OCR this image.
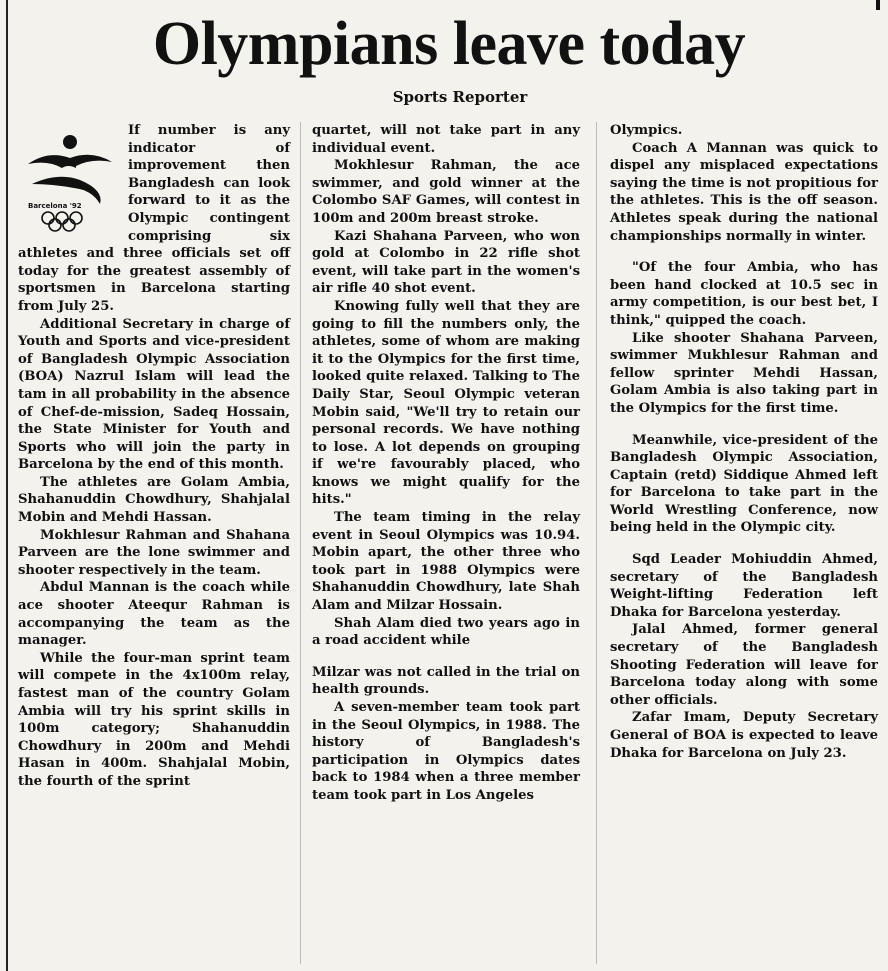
Olympians leave today
Sports Reporter
Barcelona '92

If number is any indicator of improvement then Bangladesh can look forward to it as the Olympic contingent comprising six athletes and three officials set off today for the greatest assembly of sportsmen in Barcelona starting from July 25.

Additional Secretary in charge of Youth and Sports and vice-president of Bangladesh Olympic Association (BOA) Nazrul Islam will lead the tam in all probability in the absence of Chef-de-mission, Sadeq Hossain, the State Minister for Youth and Sports who will join the party in Barcelona by the end of this month.

The athletes are Golam Ambia, Shahanuddin Chowdhury, Shahjalal Mobin and Mehdi Hassan.

Mokhlesur Rahman and Shahana Parveen are the lone swimmer and shooter respectively in the team.

Abdul Mannan is the coach while ace shooter Ateequr Rahman is accompanying the team as the manager.

While the four-man sprint team will compete in the 4x100m relay, fastest man of the country Golam Ambia will try his sprint skills in 100m category; Shahanuddin Chowdhury in 200m and Mehdi Hasan in 400m. Shahjalal Mobin, the fourth of the sprint

quartet, will not take part in any individual event.

Mokhlesur Rahman, the ace swimmer, and gold winner at the Colombo SAF Games, will contest in 100m and 200m breast stroke.

Kazi Shahana Parveen, who won gold at Colombo in 22 rifle shot event, will take part in the women's air rifle 40 shot event.

Knowing fully well that they are going to fill the numbers only, the athletes, some of whom are making it to the Olympics for the first time, looked quite relaxed. Talking to The Daily Star, Seoul Olympic veteran Mobin said, "We'll try to retain our personal records. We have nothing to lose. A lot depends on grouping if we're favourably placed, who knows we might qualify for the hits."

The team timing in the relay event in Seoul Olympics was 10.94. Mobin apart, the other three who took part in 1988 Olympics were Shahanuddin Chowdhury, late Shah Alam and Milzar Hossain.

Shah Alam died two years ago in a road accident while

Milzar was not called in the trial on health grounds.

A seven-member team took part in the Seoul Olympics, in 1988. The history of Bangladesh's participation in Olympics dates back to 1984 when a three member team took part in Los Angeles

Olympics.

Coach A Mannan was quick to dispel any misplaced expectations saying the time is not propitious for the athletes. This is the off season. Athletes speak during the national championships normally in winter.

"Of the four Ambia, who has been hand clocked at 10.5 sec in army competition, is our best bet, I think," quipped the coach.

Like shooter Shahana Parveen, swimmer Mukhlesur Rahman and fellow sprinter Mehdi Hassan, Golam Ambia is also taking part in the Olympics for the first time.

Meanwhile, vice-president of the Bangladesh Olympic Association, Captain (retd) Siddique Ahmed left for Barcelona to take part in the World Wrestling Conference, now being held in the Olympic city.

Sqd Leader Mohiuddin Ahmed, secretary of the Bangladesh Weight-lifting Federation left Dhaka for Barcelona yesterday.

Jalal Ahmed, former general secretary of the Bangladesh Shooting Federation will leave for Barcelona today along with some other officials.

Zafar Imam, Deputy Secretary General of BOA is expected to leave Dhaka for Barcelona on July 23.
